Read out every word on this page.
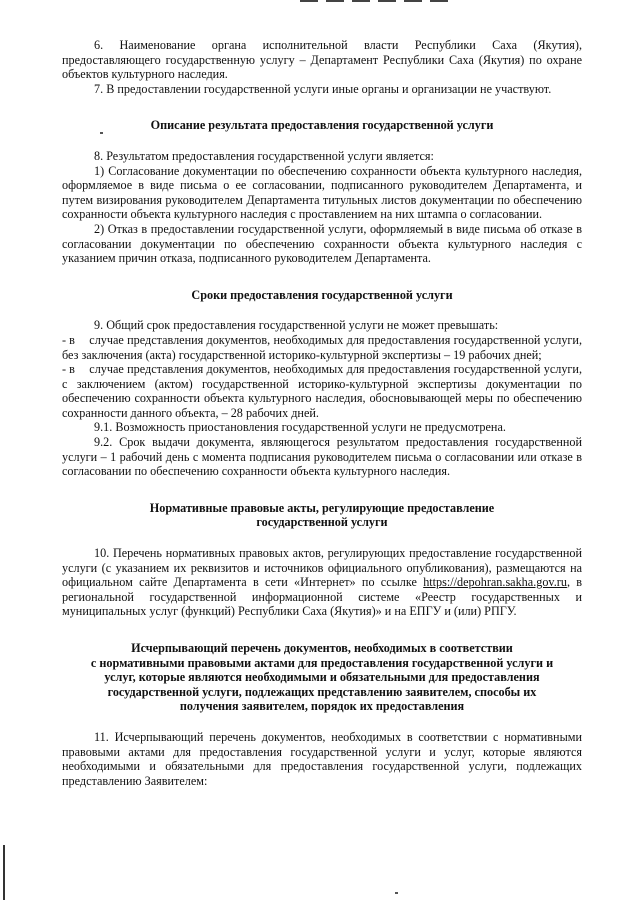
6. Наименование органа исполнительной власти Республики Саха (Якутия), предоставляющего государственную услугу – Департамент Республики Саха (Якутия) по охране объектов культурного наследия.

7. В предоставлении государственной услуги иные органы и организации не участвуют.

Описание результата предоставления государственной услуги

8. Результатом предоставления государственной услуги является:

1) Согласование документации по обеспечению сохранности объекта культурного наследия, оформляемое в виде письма о ее согласовании, подписанного руководителем Департамента, и путем визирования руководителем Департамента титульных листов документации по обеспечению сохранности объекта культурного наследия с проставлением на них штампа о согласовании.

2) Отказ в предоставлении государственной услуги, оформляемый в виде письма об отказе в согласовании документации по обеспечению сохранности объекта культурного наследия с указанием причин отказа, подписанного руководителем Департамента.

Сроки предоставления государственной услуги

9. Общий срок предоставления государственной услуги не может превышать:

- в случае представления документов, необходимых для предоставления государственной услуги, без заключения (акта) государственной историко-культурной экспертизы – 19 рабочих дней;

- в случае представления документов, необходимых для предоставления государственной услуги, с заключением (актом) государственной историко-культурной экспертизы документации по обеспечению сохранности объекта культурного наследия, обосновывающей меры по обеспечению сохранности данного объекта, – 28 рабочих дней.

9.1. Возможность приостановления государственной услуги не предусмотрена.

9.2. Срок выдачи документа, являющегося результатом предоставления государственной услуги – 1 рабочий день с момента подписания руководителем письма о согласовании или отказе в согласовании по обеспечению сохранности объекта культурного наследия.

Нормативные правовые акты, регулирующие предоставление

государственной услуги

10. Перечень нормативных правовых актов, регулирующих предоставление государственной услуги (с указанием их реквизитов и источников официального опубликования), размещаются на официальном сайте Департамента в сети «Интернет» по ссылке https://depohran.sakha.gov.ru, в региональной государственной информационной системе «Реестр государственных и муниципальных услуг (функций) Республики Саха (Якутия)» и на ЕПГУ и (или) РПГУ.

Исчерпывающий перечень документов, необходимых в соответствии

с нормативными правовыми актами для предоставления государственной услуги и

услуг, которые являются необходимыми и обязательными для предоставления

государственной услуги, подлежащих представлению заявителем, способы их

получения заявителем, порядок их предоставления

11. Исчерпывающий перечень документов, необходимых в соответствии с нормативными правовыми актами для предоставления государственной услуги и услуг, которые являются необходимыми и обязательными для предоставления государственной услуги, подлежащих представлению Заявителем:
